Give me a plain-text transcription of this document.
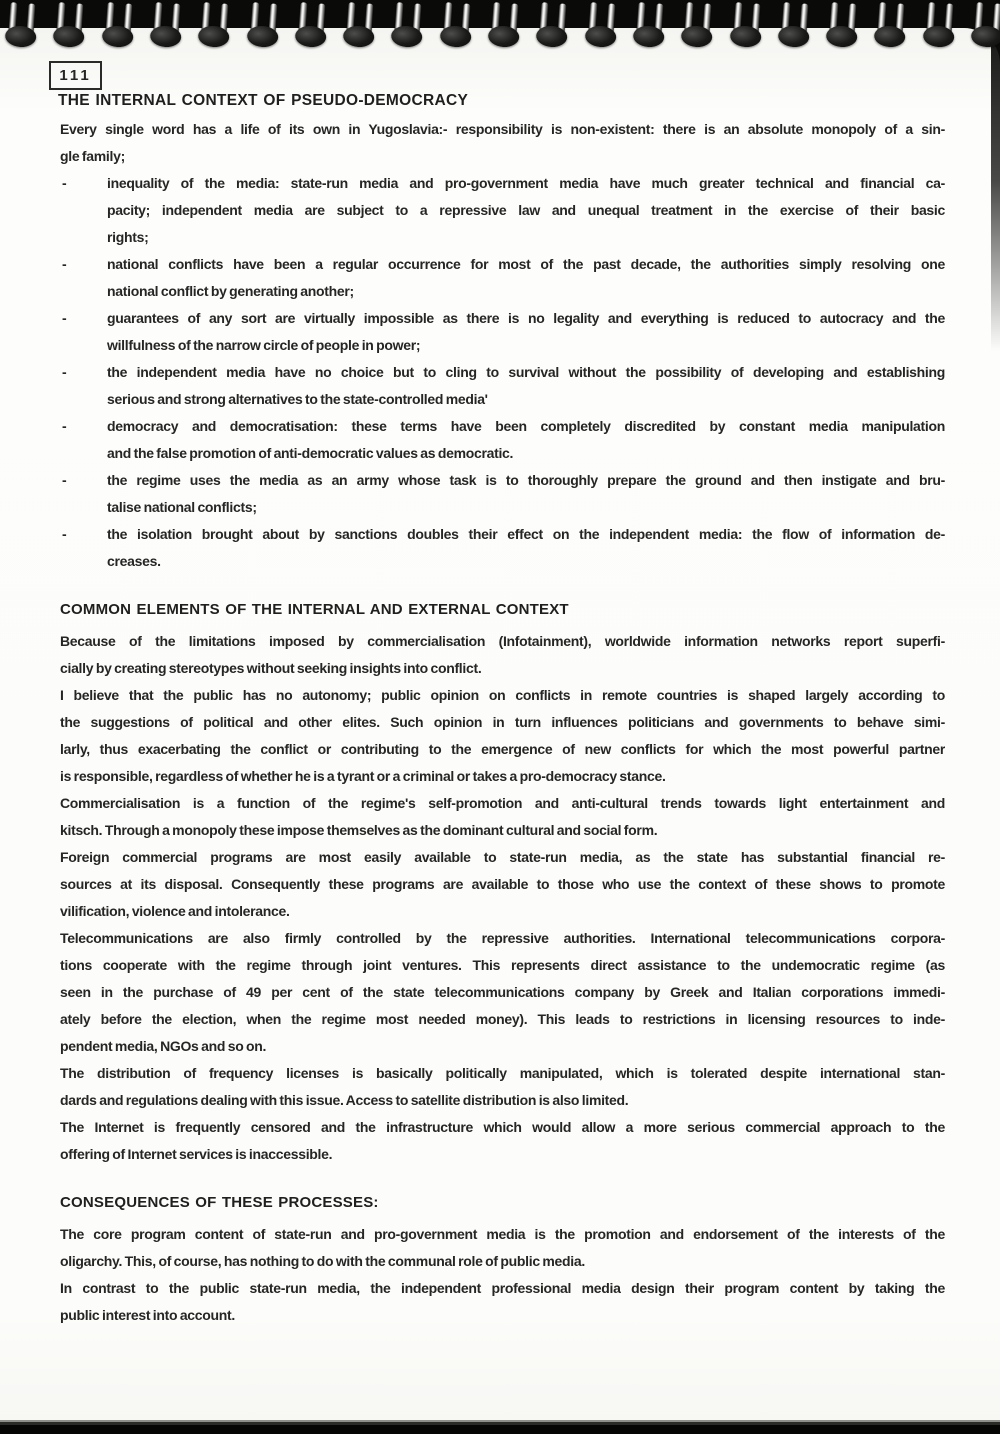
111
THE INTERNAL CONTEXT OF PSEUDO-DEMOCRACY
Every single word has a life of its own in Yugoslavia:- responsibility is non-existent: there is an absolute monopoly of a sin-
gle family;
-	inequality of the media: state-run media and pro-government media have much greater technical and financial ca-
pacity; independent media are subject to a repressive law and unequal treatment in the exercise of their basic
rights;
-	national conflicts have been a regular occurrence for most of the past decade, the authorities simply resolving one
national conflict by generating another;
-	guarantees of any sort are virtually impossible as there is no legality and everything is reduced to autocracy and the
willfulness of the narrow circle of people in power;
-	the independent media have no choice but to cling to survival without the possibility of developing and establishing
serious and strong alternatives to the state-controlled media'
-	democracy and democratisation: these terms have been completely discredited by constant media manipulation
and the false promotion of anti-democratic values as democratic.
-	the regime uses the media as an army whose task is to thoroughly prepare the ground and then instigate and bru-
talise national conflicts;
-	the isolation brought about by sanctions doubles their effect on the independent media: the flow of information de-
creases.
COMMON ELEMENTS OF THE INTERNAL AND EXTERNAL CONTEXT
Because of the limitations imposed by commercialisation (Infotainment), worldwide information networks report superfi-
cially by creating stereotypes without seeking insights into conflict.
I believe that the public has no autonomy; public opinion on conflicts in remote countries is shaped largely according to
the suggestions of political and other elites. Such opinion in turn influences politicians and governments to behave simi-
larly, thus exacerbating the conflict or contributing to the emergence of new conflicts for which the most powerful partner
is responsible, regardless of whether he is a tyrant or a criminal or takes a pro-democracy stance.
Commercialisation is a function of the regime's self-promotion and anti-cultural trends towards light entertainment and
kitsch. Through a monopoly these impose themselves as the dominant cultural and social form.
Foreign commercial programs are most easily available to state-run media, as the state has substantial financial re-
sources at its disposal. Consequently these programs are available to those who use the context of these shows to promote
vilification, violence and intolerance.
Telecommunications are also firmly controlled by the repressive authorities. International telecommunications corpora-
tions cooperate with the regime through joint ventures. This represents direct assistance to the undemocratic regime (as
seen in the purchase of 49 per cent of the state telecommunications company by Greek and Italian corporations immedi-
ately before the election, when the regime most needed money). This leads to restrictions in licensing resources to inde-
pendent media, NGOs and so on.
The distribution of frequency licenses is basically politically manipulated, which is tolerated despite international stan-
dards and regulations dealing with this issue. Access to satellite distribution is also limited.
The Internet is frequently censored and the infrastructure which would allow a more serious commercial approach to the
offering of Internet services is inaccessible.
CONSEQUENCES OF THESE PROCESSES:
The core program content of state-run and pro-government media is the promotion and endorsement of the interests of the
oligarchy. This, of course, has nothing to do with the communal role of public media.
In contrast to the public state-run media, the independent professional media design their program content by taking the
public interest into account.
